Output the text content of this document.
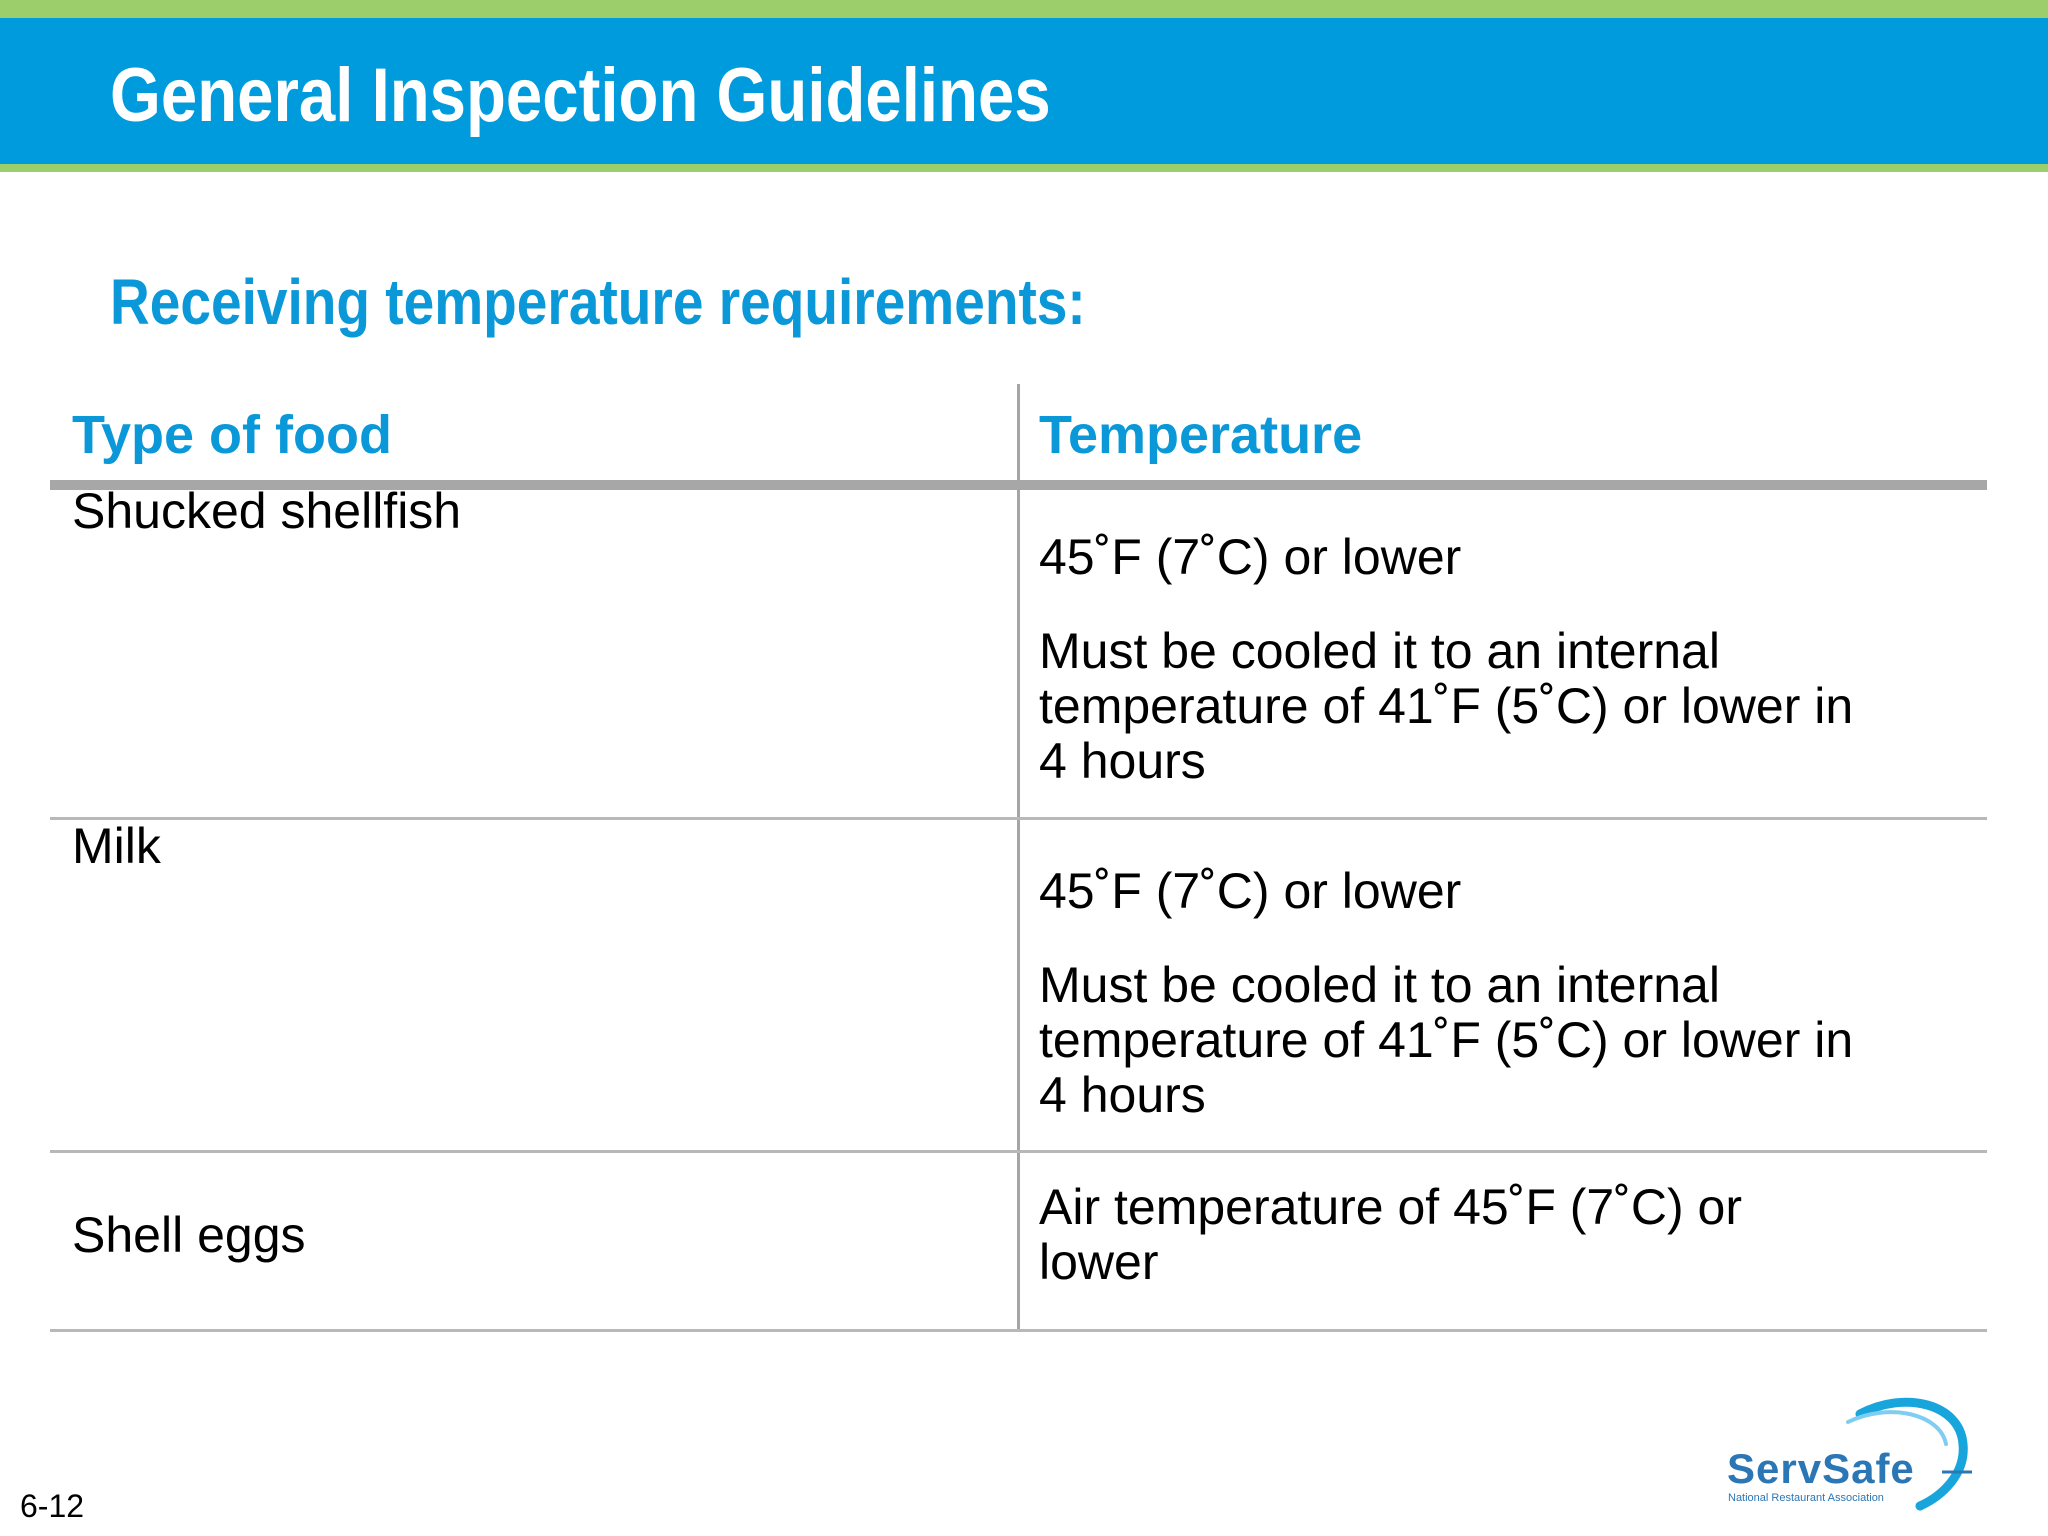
General Inspection Guidelines
Receiving temperature requirements:
Type of food	Temperature
Shucked shellfish
45˚F (7˚C) or lower
Must be cooled it to an internal
temperature of 41˚F (5˚C) or lower in
4 hours
Milk
45˚F (7˚C) or lower
Must be cooled it to an internal
temperature of 41˚F (5˚C) or lower in
4 hours
Shell eggs	Air temperature of 45˚F (7˚C) or
lower
6-12
ServSafe
National Restaurant Association
